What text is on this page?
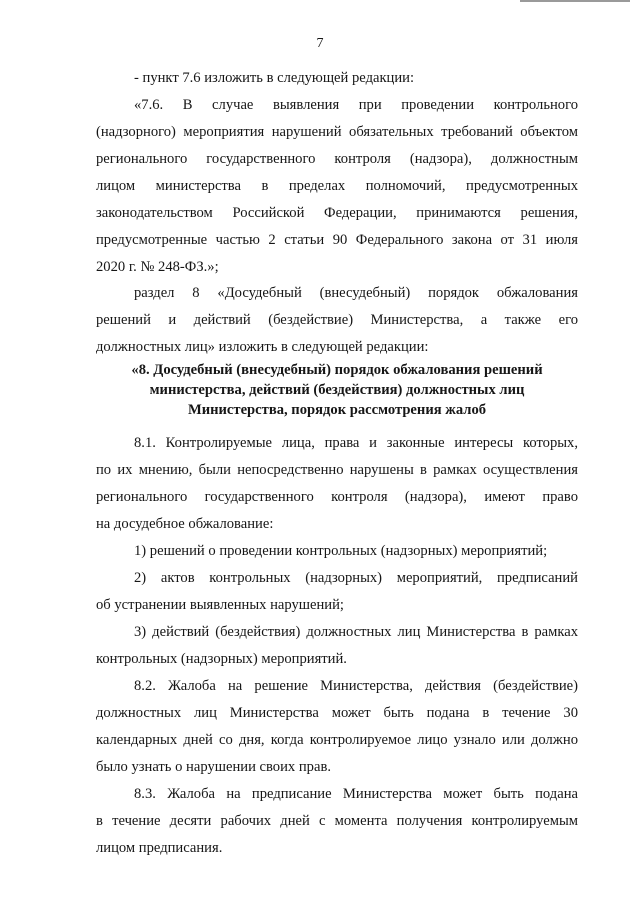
7
- пункт 7.6 изложить в следующей редакции:
«7.6. В случае выявления при проведении контрольного
(надзорного) мероприятия нарушений обязательных требований объектом
регионального государственного контроля (надзора), должностным
лицом министерства в пределах полномочий, предусмотренных
законодательством Российской Федерации, принимаются решения,
предусмотренные частью 2 статьи 90 Федерального закона от 31 июля
2020 г. № 248-ФЗ.»;
раздел 8 «Досудебный (внесудебный) порядок обжалования
решений и действий (бездействие) Министерства, а также его
должностных лиц» изложить в следующей редакции:
«8. Досудебный (внесудебный) порядок обжалования решений
министерства, действий (бездействия) должностных лиц
Министерства, порядок рассмотрения жалоб
8.1. Контролируемые лица, права и законные интересы которых,
по их мнению, были непосредственно нарушены в рамках осуществления
регионального государственного контроля (надзора), имеют право
на досудебное обжалование:
1) решений о проведении контрольных (надзорных) мероприятий;
2) актов контрольных (надзорных) мероприятий, предписаний
об устранении выявленных нарушений;
3) действий (бездействия) должностных лиц Министерства в рамках
контрольных (надзорных) мероприятий.
8.2. Жалоба на решение Министерства, действия (бездействие)
должностных лиц Министерства может быть подана в течение 30
календарных дней со дня, когда контролируемое лицо узнало или должно
было узнать о нарушении своих прав.
8.3. Жалоба на предписание Министерства может быть подана
в течение десяти рабочих дней с момента получения контролируемым
лицом предписания.
